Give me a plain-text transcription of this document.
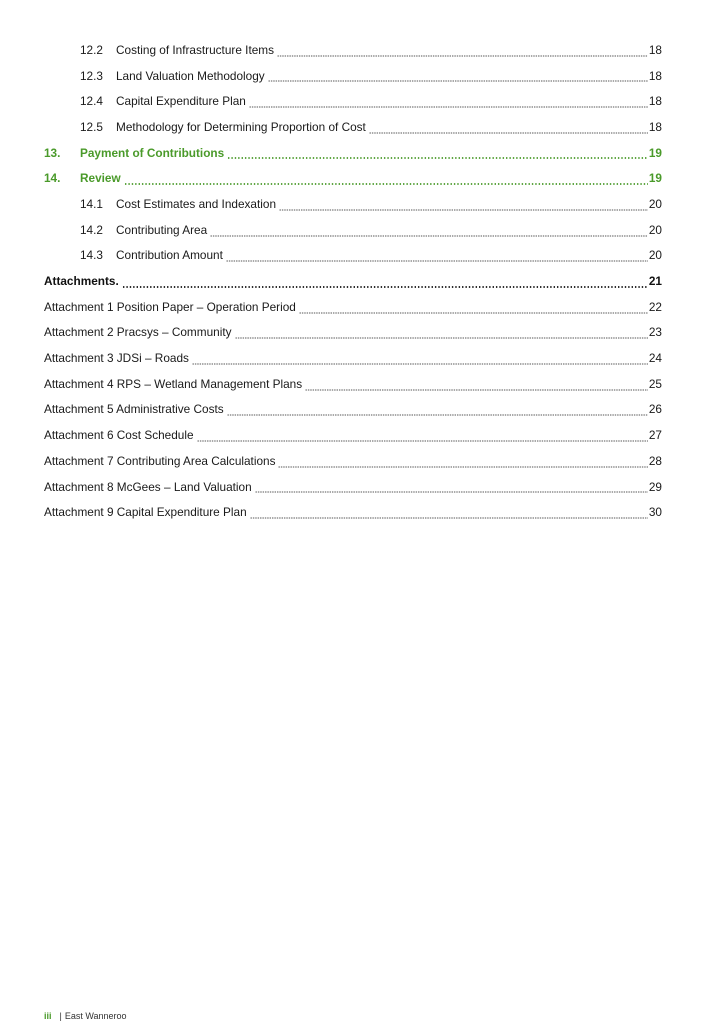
12.2	Costing of Infrastructure Items	18
12.3	Land Valuation Methodology	18
12.4	Capital Expenditure Plan	18
12.5	Methodology for Determining Proportion of Cost	18
13.	Payment of Contributions	19
14.	Review	19
14.1	Cost Estimates and Indexation	20
14.2	Contributing Area	20
14.3	Contribution Amount	20
Attachments.	21
Attachment 1 Position Paper – Operation Period	22
Attachment 2 Pracsys – Community	23
Attachment 3 JDSi – Roads	24
Attachment 4 RPS – Wetland Management Plans	25
Attachment 5 Administrative Costs	26
Attachment 6 Cost Schedule	27
Attachment 7 Contributing Area Calculations	28
Attachment 8 McGees – Land Valuation	29
Attachment 9 Capital Expenditure Plan	30
iii | East Wanneroo
